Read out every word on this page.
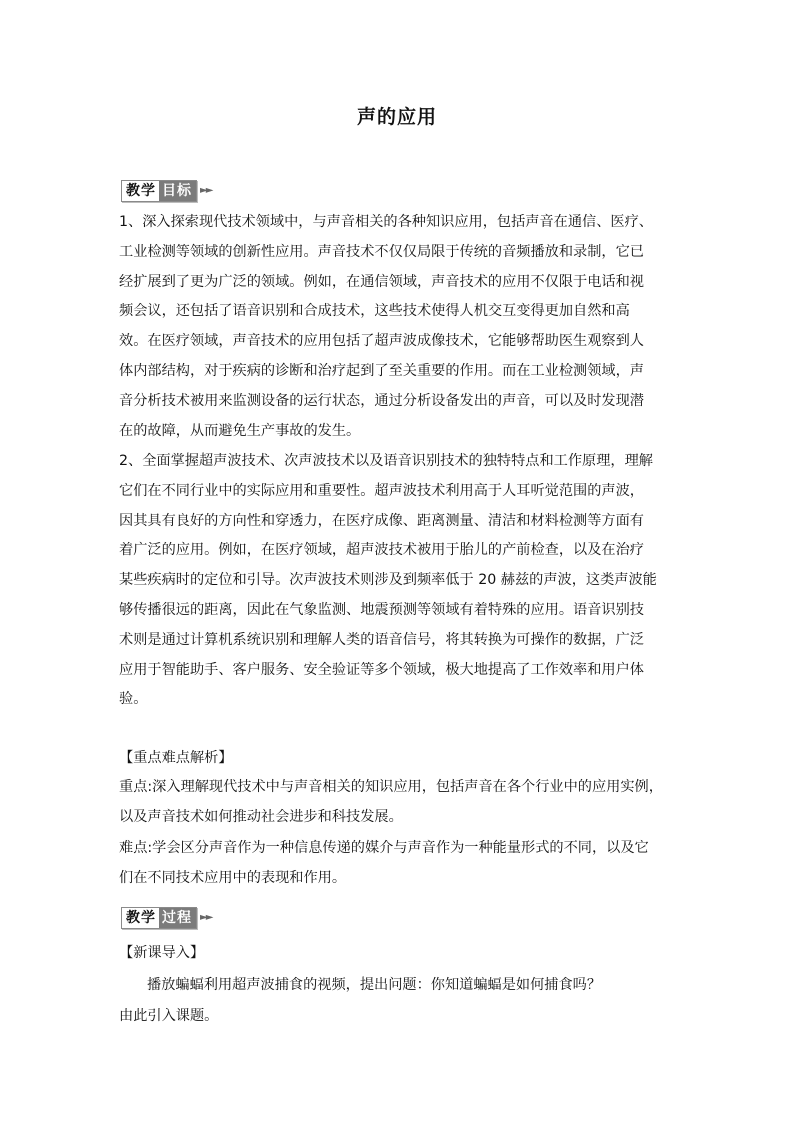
声的应用
教学 目标 ►►
1、深入探索现代技术领域中，与声音相关的各种知识应用，包括声音在通信、医疗、
工业检测等领域的创新性应用。声音技术不仅仅局限于传统的音频播放和录制，它已
经扩展到了更为广泛的领域。例如，在通信领域，声音技术的应用不仅限于电话和视
频会议，还包括了语音识别和合成技术，这些技术使得人机交互变得更加自然和高
效。在医疗领域，声音技术的应用包括了超声波成像技术，它能够帮助医生观察到人
体内部结构，对于疾病的诊断和治疗起到了至关重要的作用。而在工业检测领域，声
音分析技术被用来监测设备的运行状态，通过分析设备发出的声音，可以及时发现潜
在的故障，从而避免生产事故的发生。
2、全面掌握超声波技术、次声波技术以及语音识别技术的独特特点和工作原理，理解
它们在不同行业中的实际应用和重要性。超声波技术利用高于人耳听觉范围的声波，
因其具有良好的方向性和穿透力，在医疗成像、距离测量、清洁和材料检测等方面有
着广泛的应用。例如，在医疗领域，超声波技术被用于胎儿的产前检查，以及在治疗
某些疾病时的定位和引导。次声波技术则涉及到频率低于 20 赫兹的声波，这类声波能
够传播很远的距离，因此在气象监测、地震预测等领域有着特殊的应用。语音识别技
术则是通过计算机系统识别和理解人类的语音信号，将其转换为可操作的数据，广泛
应用于智能助手、客户服务、安全验证等多个领域，极大地提高了工作效率和用户体
验。
【重点难点解析】
重点:深入理解现代技术中与声音相关的知识应用，包括声音在各个行业中的应用实例，
以及声音技术如何推动社会进步和科技发展。
难点:学会区分声音作为一种信息传递的媒介与声音作为一种能量形式的不同，以及它
们在不同技术应用中的表现和作用。
教学 过程 ►►
【新课导入】
播放蝙蝠利用超声波捕食的视频，提出问题：你知道蝙蝠是如何捕食吗？
由此引入课题。
